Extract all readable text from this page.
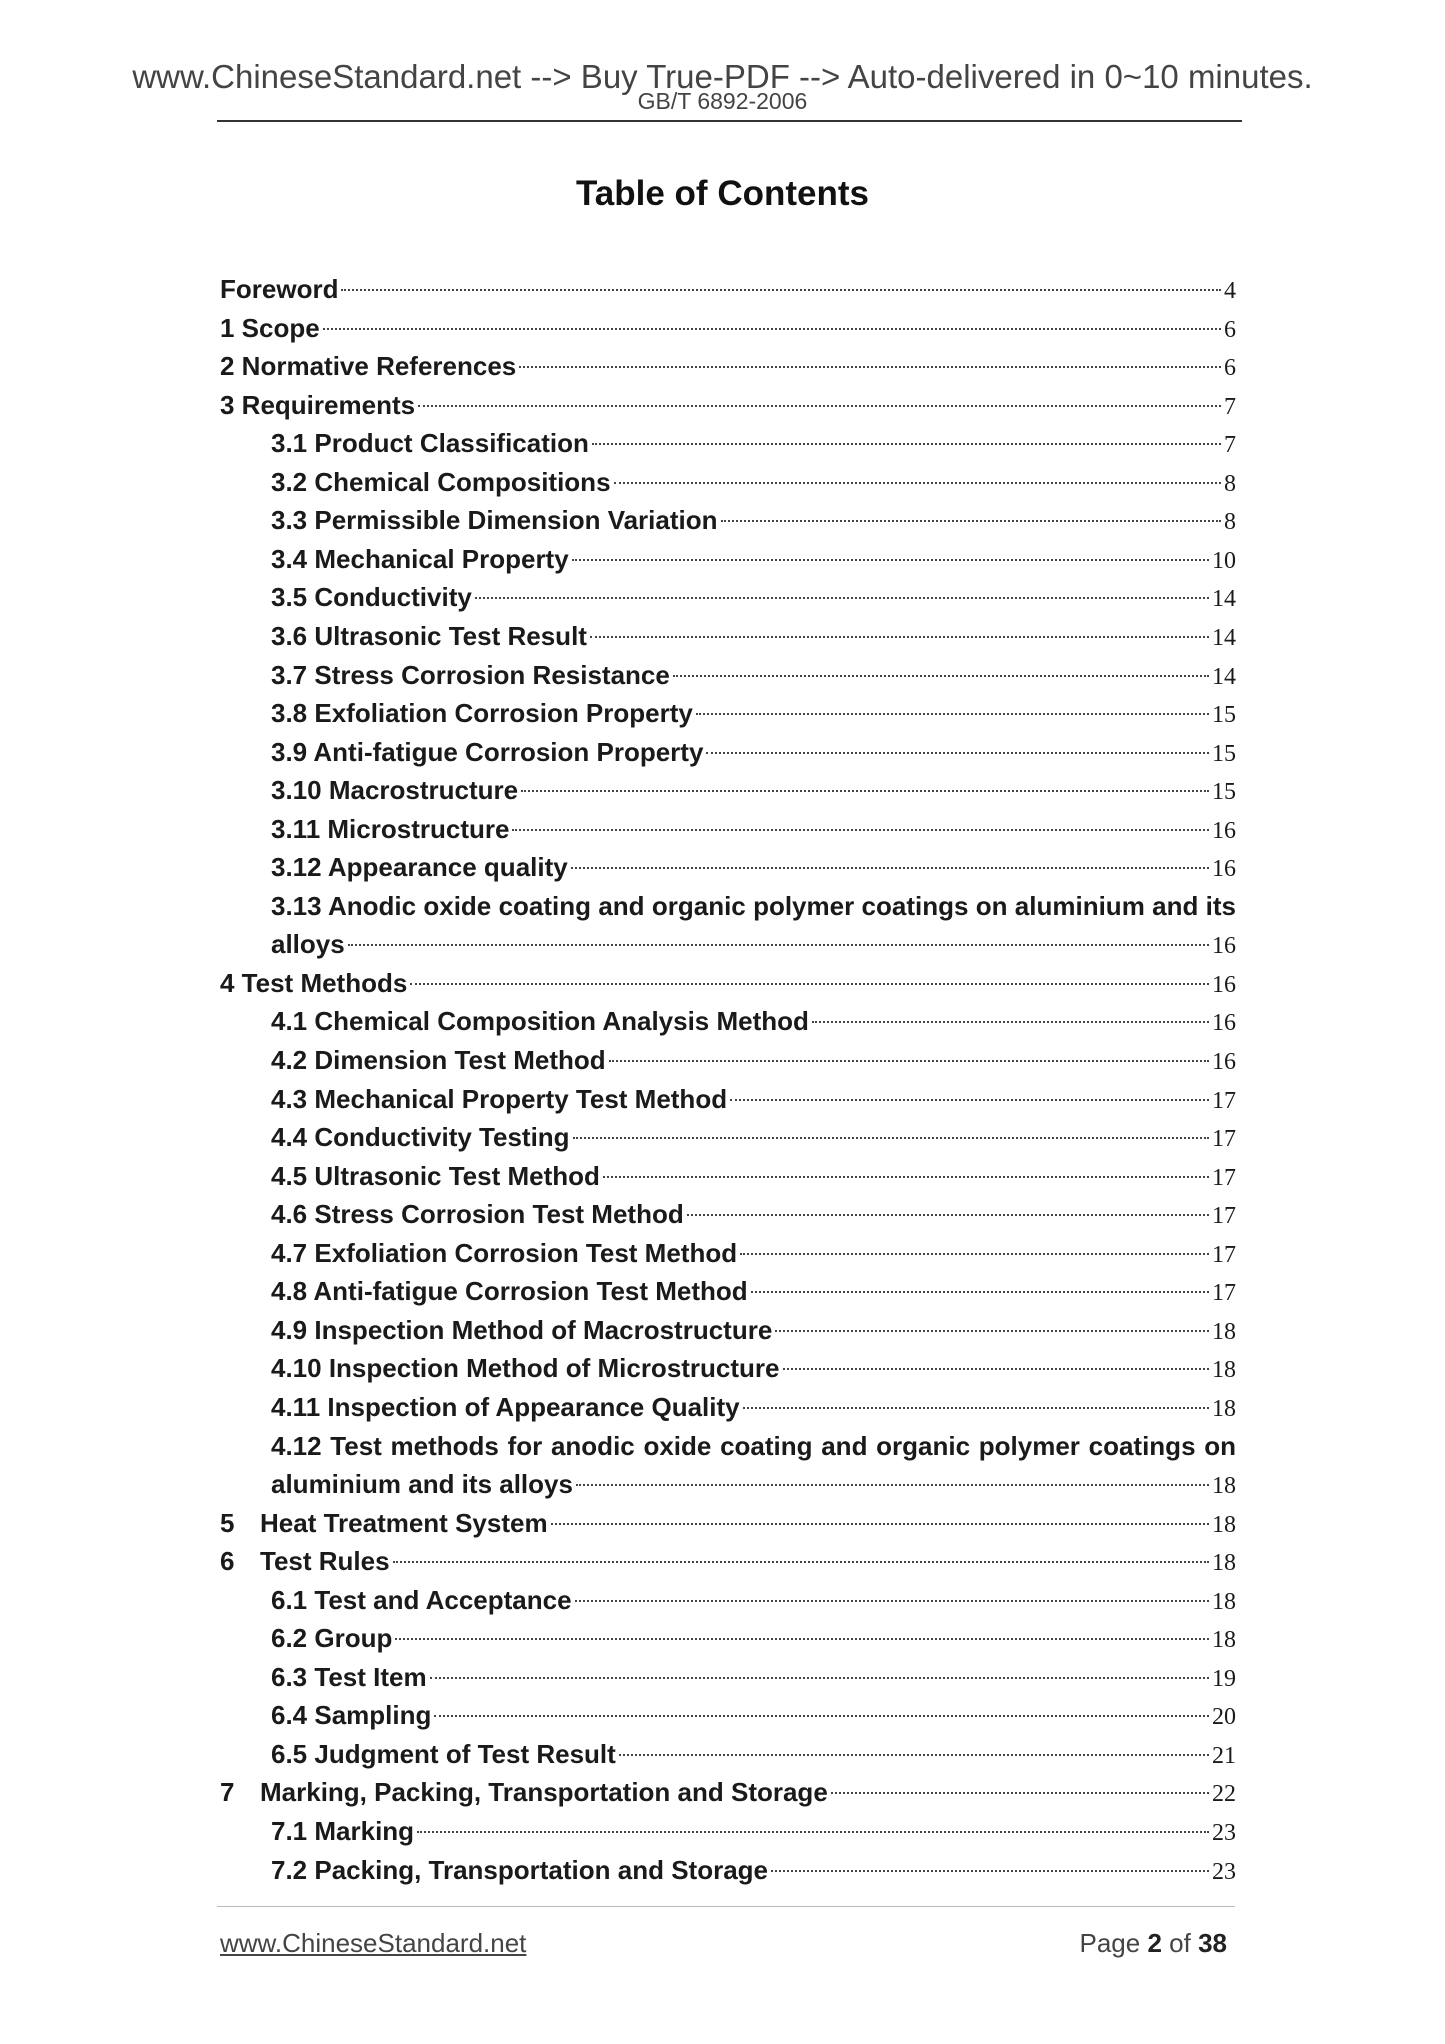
www.ChineseStandard.net --> Buy True-PDF --> Auto-delivered in 0~10 minutes.
GB/T 6892-2006
Table of Contents
Foreword	4
1 Scope	6
2 Normative References	6
3 Requirements	7
3.1 Product Classification	7
3.2 Chemical Compositions	8
3.3 Permissible Dimension Variation	8
3.4 Mechanical Property	10
3.5 Conductivity	14
3.6 Ultrasonic Test Result	14
3.7 Stress Corrosion Resistance	14
3.8 Exfoliation Corrosion Property	15
3.9 Anti-fatigue Corrosion Property	15
3.10 Macrostructure	15
3.11 Microstructure	16
3.12 Appearance quality	16
3.13 Anodic oxide coating and organic polymer coatings on aluminium and its
alloys	16
4 Test Methods	16
4.1 Chemical Composition Analysis Method	16
4.2 Dimension Test Method	16
4.3 Mechanical Property Test Method	17
4.4 Conductivity Testing	17
4.5 Ultrasonic Test Method	17
4.6 Stress Corrosion Test Method	17
4.7 Exfoliation Corrosion Test Method	17
4.8 Anti-fatigue Corrosion Test Method	17
4.9 Inspection Method of Macrostructure	18
4.10 Inspection Method of Microstructure	18
4.11 Inspection of Appearance Quality	18
4.12 Test methods for anodic oxide coating and organic polymer coatings on
aluminium and its alloys	18
5 Heat Treatment System	18
6 Test Rules	18
6.1 Test and Acceptance	18
6.2 Group	18
6.3 Test Item	19
6.4 Sampling	20
6.5 Judgment of Test Result	21
7 Marking, Packing, Transportation and Storage	22
7.1 Marking	23
7.2 Packing, Transportation and Storage	23
www.ChineseStandard.net	Page 2 of 38
